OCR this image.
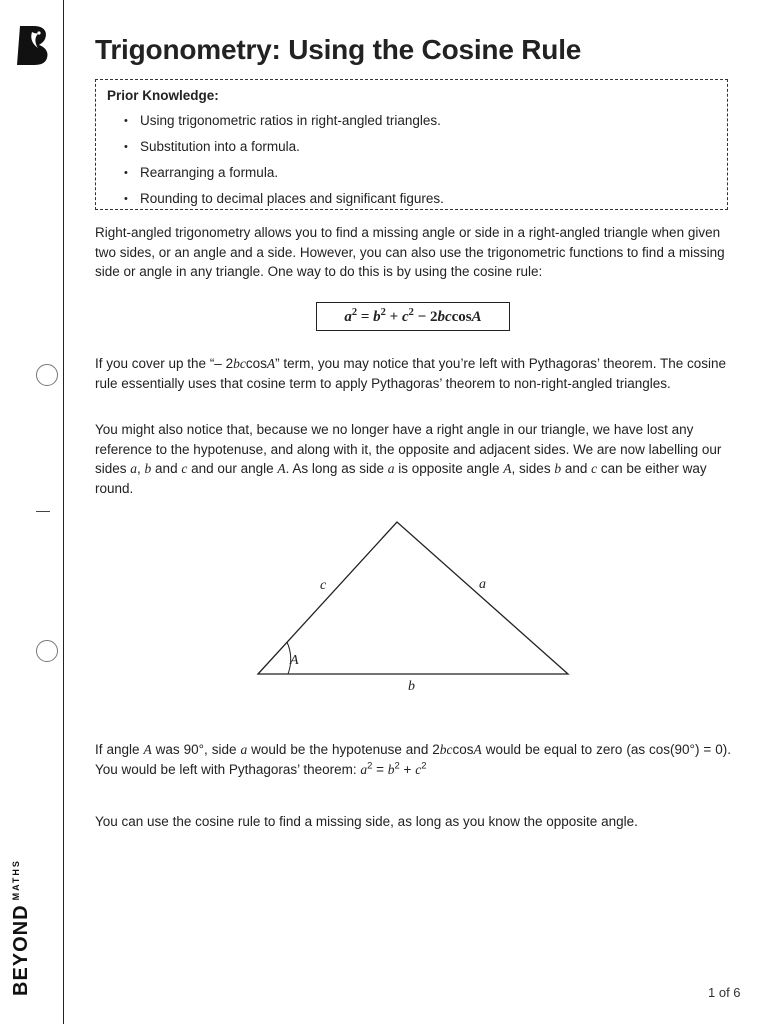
BEYOND
MATHS
Trigonometry: Using the Cosine Rule
Prior Knowledge:
• Using trigonometric ratios in right-angled triangles.
• Substitution into a formula.
• Rearranging a formula.
• Rounding to decimal places and significant figures.

Right-angled trigonometry allows you to find a missing angle or side in a right-angled triangle when given two sides, or an angle and a side. However, you can also use the trigonometric functions to find a missing side or angle in any triangle. One way to do this is by using the cosine rule:

$a^2 = b^2 + c^2 - 2bccosA$

If you cover up the “– 2bccosA” term, you may notice that you’re left with Pythagoras’ theorem. The cosine rule essentially uses that cosine term to apply Pythagoras’ theorem to non-right-angled triangles.

You might also notice that, because we no longer have a right angle in our triangle, we have lost any reference to the hypotenuse, and along with it, the opposite and adjacent sides. We are now labelling our sides a, b and c and our angle A. As long as side a is opposite angle A, sides b and c can be either way round.

c	a
b
A

If angle A was 90°, side a would be the hypotenuse and 2bccosA would be equal to zero (as cos(90°) = 0). You would be left with Pythagoras’ theorem: $a^2 = b^2 + c^2$

You can use the cosine rule to find a missing side, as long as you know the opposite angle.

1 of 6
